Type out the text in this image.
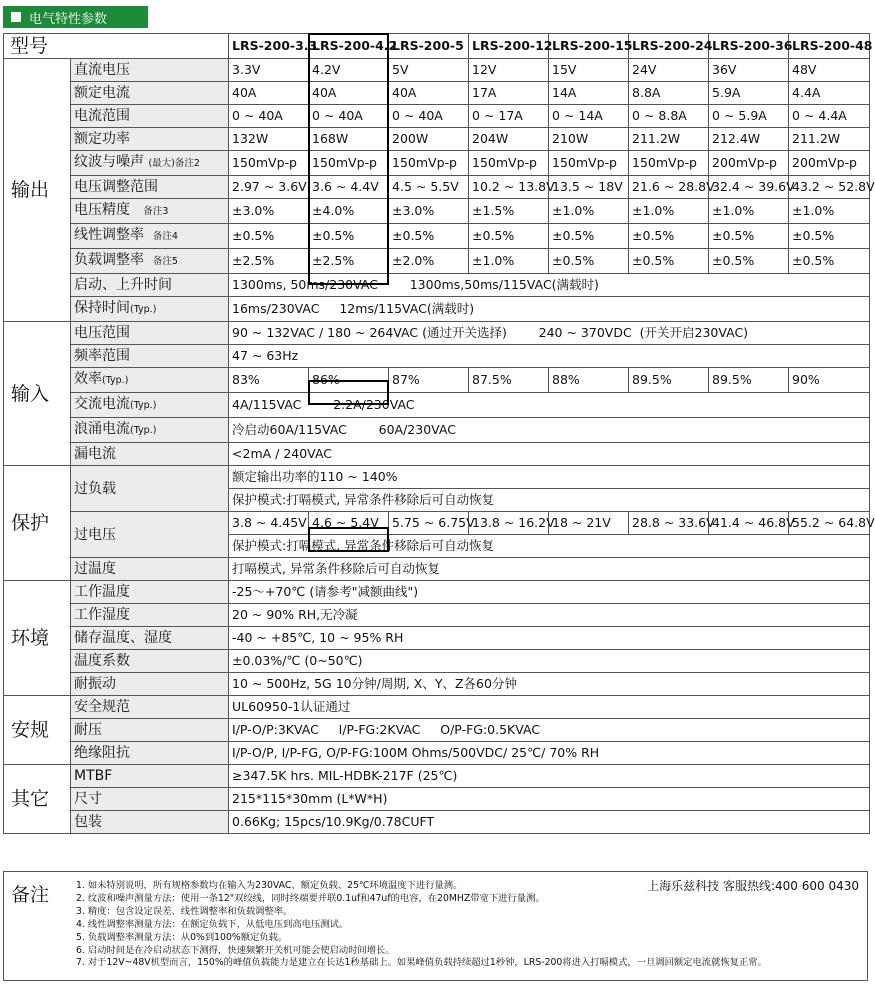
电气特性参数
型号		LRS-200-3.3	LRS-200-4.2	LRS-200-5	LRS-200-12	LRS-200-15	LRS-200-24	LRS-200-36	LRS-200-48
输出	直流电压	3.3V	4.2V	5V	12V	15V	24V	36V	48V
	额定电流	40A	40A	40A	17A	14A	8.8A	5.9A	4.4A
	电流范围	0 ~ 40A	0 ~ 40A	0 ~ 40A	0 ~ 17A	0 ~ 14A	0 ~ 8.8A	0 ~ 5.9A	0 ~ 4.4A
	额定功率	132W	168W	200W	204W	210W	211.2W	212.4W	211.2W
	纹波与噪声 (最大)备注2	150mVp-p	150mVp-p	150mVp-p	150mVp-p	150mVp-p	150mVp-p	200mVp-p	200mVp-p
	电压调整范围	2.97 ~ 3.6V	3.6 ~ 4.4V	4.5 ~ 5.5V	10.2 ~ 13.8V	13.5 ~ 18V	21.6 ~ 28.8V	32.4 ~ 39.6V	43.2 ~ 52.8V
	电压精度 备注3	±3.0%	±4.0%	±3.0%	±1.5%	±1.0%	±1.0%	±1.0%	±1.0%
	线性调整率 备注4	±0.5%	±0.5%	±0.5%	±0.5%	±0.5%	±0.5%	±0.5%	±0.5%
	负载调整率 备注5	±2.5%	±2.5%	±2.0%	±1.0%	±0.5%	±0.5%	±0.5%	±0.5%
	启动、上升时间	1300ms, 50ms/230VAC        1300ms,50ms/115VAC(满载时)							
	保持时间(Typ.)	16ms/230VAC     12ms/115VAC(满载时)							
输入	电压范围	90 ~ 132VAC / 180 ~ 264VAC (通过开关选择)        240 ~ 370VDC  (开关开启230VAC)							
	频率范围	47 ~ 63Hz							
	效率(Typ.)	83%	86%	87%	87.5%	88%	89.5%	89.5%	90%
	交流电流(Typ.)	4A/115VAC        2.2A/230VAC							
	浪涌电流(Typ.)	冷启动60A/115VAC        60A/230VAC							
	漏电流	<2mA / 240VAC							
保护	过负载	额定输出功率的110 ~ 140%							
		保护模式:打嗝模式, 异常条件移除后可自动恢复							
	过电压	3.8 ~ 4.45V	4.6 ~ 5.4V	5.75 ~ 6.75V	13.8 ~ 16.2V	18 ~ 21V	28.8 ~ 33.6V	41.4 ~ 46.8V	55.2 ~ 64.8V
		保护模式:打嗝模式, 异常条件移除后可自动恢复							
	过温度	打嗝模式, 异常条件移除后可自动恢复							
环境	工作温度	-25～+70℃ (请参考"减额曲线")							
	工作湿度	20 ~ 90% RH,无冷凝							
	储存温度、湿度	-40 ~ +85℃, 10 ~ 95% RH							
	温度系数	±0.03%/℃ (0~50℃)							
	耐振动	10 ~ 500Hz, 5G 10分钟/周期, X、Y、Z各60分钟							
安规	安全规范	UL60950-1认证通过							
	耐压	I/P-O/P:3KVAC     I/P-FG:2KVAC     O/P-FG:0.5KVAC							
	绝缘阻抗	I/P-O/P, I/P-FG, O/P-FG:100M Ohms/500VDC/ 25℃/ 70% RH							
其它	MTBF	≥347.5K hrs. MIL-HDBK-217F (25℃)							
	尺寸	215*115*30mm (L*W*H)							
	包装	0.66Kg; 15pcs/10.9Kg/0.78CUFT							
备注	上海乐兹科技 客服热线:400 600 0430
1. 如未特别说明，所有规格参数均在输入为230VAC、额定负载、25℃环境温度下进行量测。
2. 纹波和噪声测量方法：使用一条12"双绞线，同时终端要并联0.1uf和47uf的电容，在20MHZ带宽下进行量测。
3. 精度：包含设定误差、线性调整率和负载调整率。
4. 线性调整率测量方法：在额定负载下，从低电压到高电压测试。
5. 负载调整率测量方法：从0%到100%额定负载。
6. 启动时间是在冷启动状态下测得，快速频繁开关机可能会使启动时间增长。
7. 对于12V~48V机型而言，150%的峰值负载能力是建立在长达1秒基础上。如果峰值负载持续超过1秒钟，LRS-200将进入打嗝模式，一旦调回额定电流就恢复正常。
